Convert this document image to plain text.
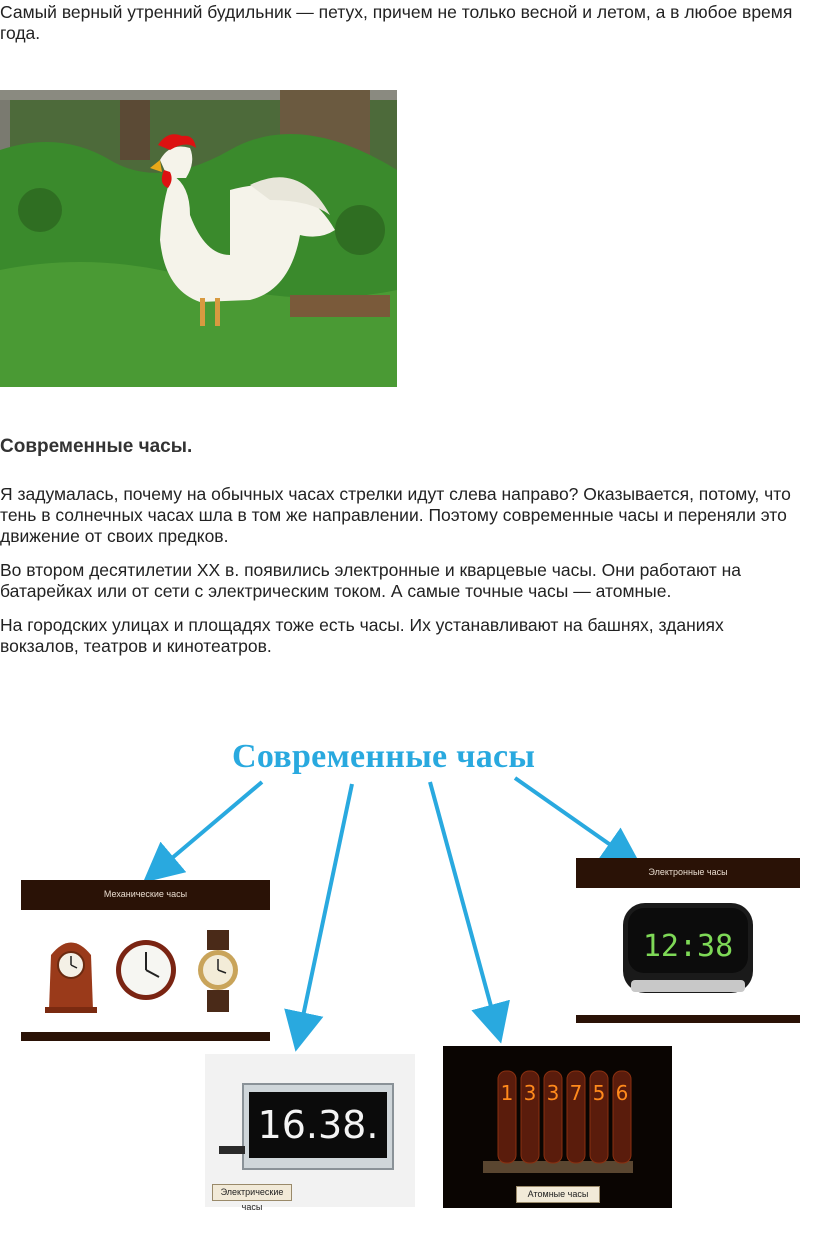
Самый верный утренний будильник — петух, причем не только весной и летом, а в любое время года.

Современные часы.

Я задумалась, почему на обычных часах стрелки идут слева направо? Оказывается, потому, что тень в солнечных часах шла в том же направлении. Поэтому современные часы и переняли это движение от своих предков.

Во втором десятилетии XX в. появились электронные и кварцевые часы. Они работают на батарейках или от сети с электрическим током. А самые точные часы — атомные.

На городских улицах и площадях тоже есть часы. Их устанавливают на башнях, зданиях вокзалов, театров и кинотеатров.

Современные часы
Механические часы
Электронные часы
12:38
16.38.
Электрические часы
1 3 3 7 5 6
Атомные часы
